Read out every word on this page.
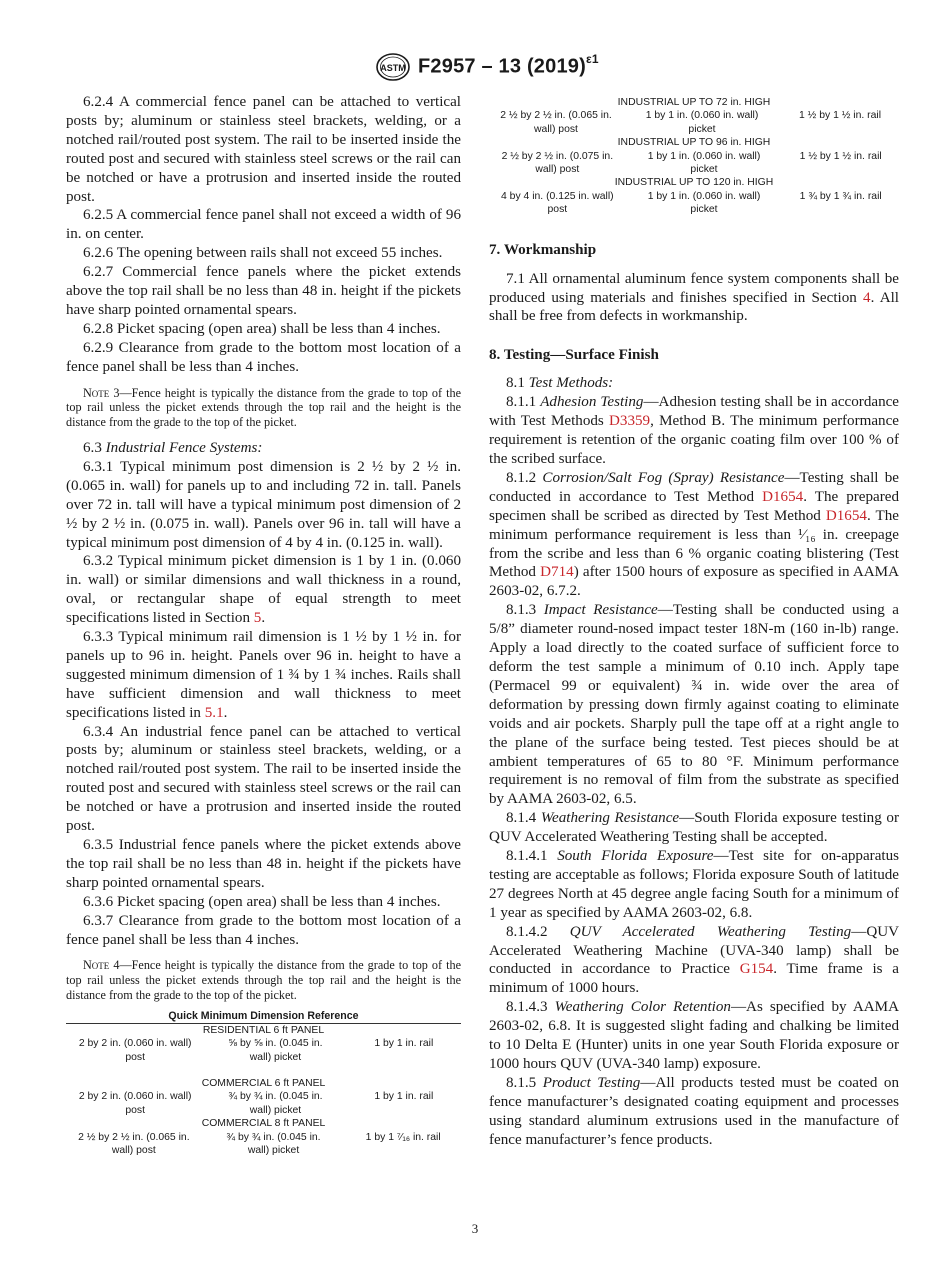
ASTM F2957 – 13 $(2019)^{\varepsilon 1}$

6.2.4 A commercial fence panel can be attached to vertical posts by; aluminum or stainless steel brackets, welding, or a notched rail/routed post system. The rail to be inserted inside the routed post and secured with stainless steel screws or the rail can be notched or have a protrusion and inserted inside the routed post.

6.2.5 A commercial fence panel shall not exceed a width of 96 in. on center.

6.2.6 The opening between rails shall not exceed 55 inches.

6.2.7 Commercial fence panels where the picket extends above the top rail shall be no less than 48 in. height if the pickets have sharp pointed ornamental spears.

6.2.8 Picket spacing (open area) shall be less than 4 inches.

6.2.9 Clearance from grade to the bottom most location of a fence panel shall be less than 4 inches.

Note 3—Fence height is typically the distance from the grade to top of the top rail unless the picket extends through the top rail and the height is the distance from the grade to the top of the picket.

6.3 Industrial Fence Systems:

6.3.1 Typical minimum post dimension is 2 ½ by 2 ½ in. (0.065 in. wall) for panels up to and including 72 in. tall. Panels over 72 in. tall will have a typical minimum post dimension of 2 ½ by 2 ½ in. (0.075 in. wall). Panels over 96 in. tall will have a typical minimum post dimension of 4 by 4 in. (0.125 in. wall).

6.3.2 Typical minimum picket dimension is 1 by 1 in. (0.060 in. wall) or similar dimensions and wall thickness in a round, oval, or rectangular shape of equal strength to meet specifications listed in Section 5.

6.3.3 Typical minimum rail dimension is 1 ½ by 1 ½ in. for panels up to 96 in. height. Panels over 96 in. height to have a suggested minimum dimension of 1 ¾ by 1 ¾ inches. Rails shall have sufficient dimension and wall thickness to meet specifications listed in 5.1.

6.3.4 An industrial fence panel can be attached to vertical posts by; aluminum or stainless steel brackets, welding, or a notched rail/routed post system. The rail to be inserted inside the routed post and secured with stainless steel screws or the rail can be notched or have a protrusion and inserted inside the routed post.

6.3.5 Industrial fence panels where the picket extends above the top rail shall be no less than 48 in. height if the pickets have sharp pointed ornamental spears.

6.3.6 Picket spacing (open area) shall be less than 4 inches.

6.3.7 Clearance from grade to the bottom most location of a fence panel shall be less than 4 inches.

Note 4—Fence height is typically the distance from the grade to top of the top rail unless the picket extends through the top rail and the height is the distance from the grade to the top of the picket.

Quick Minimum Dimension Reference
RESIDENTIAL 6 ft PANEL
2 by 2 in. (0.060 in. wall) post
⅝ by ⅝ in. (0.045 in. wall) picket
1 by 1 in. rail
COMMERCIAL 6 ft PANEL
2 by 2 in. (0.060 in. wall) post
¾ by ¾ in. (0.045 in. wall) picket
1 by 1 in. rail
COMMERCIAL 8 ft PANEL
2 ½ by 2 ½ in. (0.065 in. wall) post
¾ by ¾ in. (0.045 in. wall) picket
1 by 1 ⁷⁄₁₆ in. rail
INDUSTRIAL UP TO 72 in. HIGH
2 ½ by 2 ½ in. (0.065 in. wall) post
1 by 1 in. (0.060 in. wall) picket
1 ½ by 1 ½ in. rail
INDUSTRIAL UP TO 96 in. HIGH
2 ½ by 2 ½ in. (0.075 in. wall) post
1 by 1 in. (0.060 in. wall) picket
1 ½ by 1 ½ in. rail
INDUSTRIAL UP TO 120 in. HIGH
4 by 4 in. (0.125 in. wall) post
1 by 1 in. (0.060 in. wall) picket
1 ¾ by 1 ¾ in. rail

7. Workmanship

7.1 All ornamental aluminum fence system components shall be produced using materials and finishes specified in Section 4. All shall be free from defects in workmanship.

8. Testing—Surface Finish

8.1 Test Methods:

8.1.1 Adhesion Testing—Adhesion testing shall be in accordance with Test Methods D3359, Method B. The minimum performance requirement is retention of the organic coating film over 100 % of the scribed surface.

8.1.2 Corrosion/Salt Fog (Spray) Resistance—Testing shall be conducted in accordance to Test Method D1654. The prepared specimen shall be scribed as directed by Test Method D1654. The minimum performance requirement is less than ¹⁄₁₆ in. creepage from the scribe and less than 6 % organic coating blistering (Test Method D714) after 1500 hours of exposure as specified in AAMA 2603-02, 6.7.2.

8.1.3 Impact Resistance—Testing shall be conducted using a 5/8” diameter round-nosed impact tester 18N-m (160 in-lb) range. Apply a load directly to the coated surface of sufficient force to deform the test sample a minimum of 0.10 inch. Apply tape (Permacel 99 or equivalent) ¾ in. wide over the area of deformation by pressing down firmly against coating to eliminate voids and air pockets. Sharply pull the tape off at a right angle to the plane of the surface being tested. Test pieces should be at ambient temperatures of 65 to 80 °F. Minimum performance requirement is no removal of film from the substrate as specified by AAMA 2603-02, 6.5.

8.1.4 Weathering Resistance—South Florida exposure testing or QUV Accelerated Weathering Testing shall be accepted.

8.1.4.1 South Florida Exposure—Test site for on-apparatus testing are acceptable as follows; Florida exposure South of latitude 27 degrees North at 45 degree angle facing South for a minimum of 1 year as specified by AAMA 2603-02, 6.8.

8.1.4.2 QUV Accelerated Weathering Testing—QUV Accelerated Weathering Machine (UVA-340 lamp) shall be conducted in accordance to Practice G154. Time frame is a minimum of 1000 hours.

8.1.4.3 Weathering Color Retention—As specified by AAMA 2603-02, 6.8. It is suggested slight fading and chalking be limited to 10 Delta E (Hunter) units in one year South Florida exposure or 1000 hours QUV (UVA-340 lamp) exposure.

8.1.5 Product Testing—All products tested must be coated on fence manufacturer’s designated coating equipment and processes using standard aluminum extrusions used in the manufacture of fence manufacturer’s fence products.

3
